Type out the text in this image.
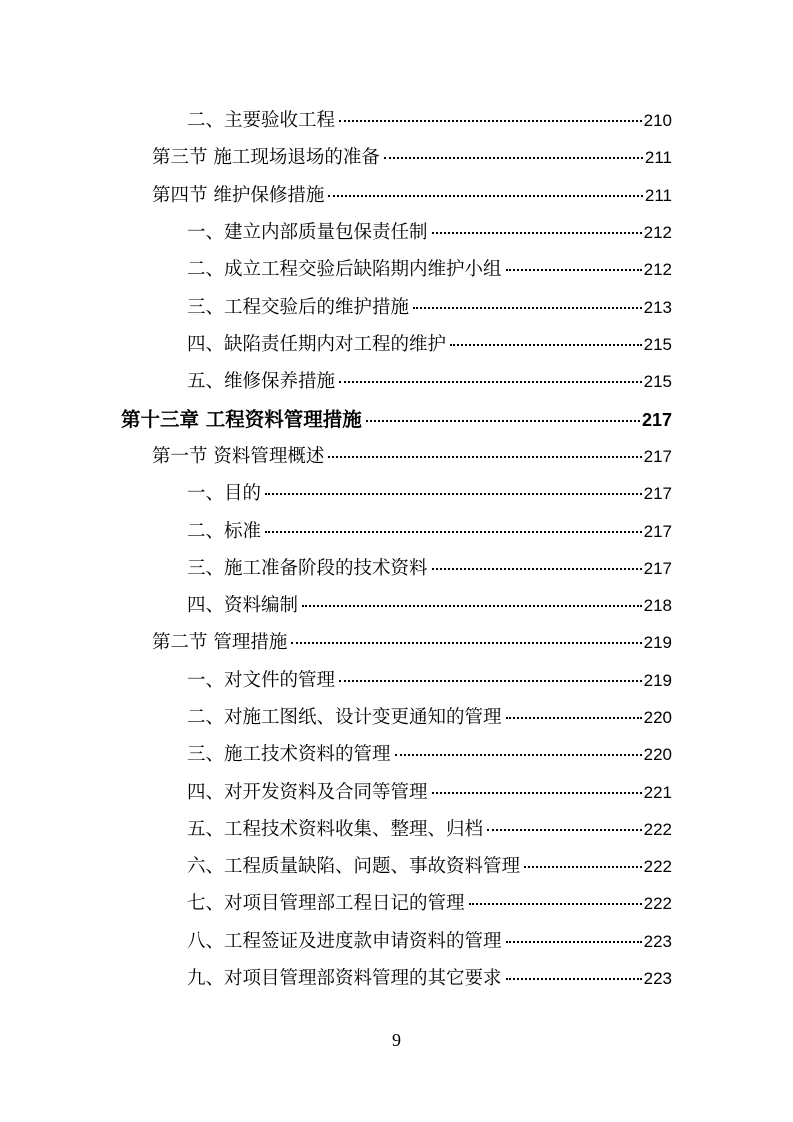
二、主要验收工程	210
第三节 施工现场退场的准备	211
第四节 维护保修措施	211
一、建立内部质量包保责任制	212
二、成立工程交验后缺陷期内维护小组	212
三、工程交验后的维护措施	213
四、缺陷责任期内对工程的维护	215
五、维修保养措施	215
第十三章 工程资料管理措施	217
第一节 资料管理概述	217
一、目的	217
二、标准	217
三、施工准备阶段的技术资料	217
四、资料编制	218
第二节 管理措施	219
一、对文件的管理	219
二、对施工图纸、设计变更通知的管理	220
三、施工技术资料的管理	220
四、对开发资料及合同等管理	221
五、工程技术资料收集、整理、归档	222
六、工程质量缺陷、问题、事故资料管理	222
七、对项目管理部工程日记的管理	222
八、工程签证及进度款申请资料的管理	223
九、对项目管理部资料管理的其它要求	223
9
